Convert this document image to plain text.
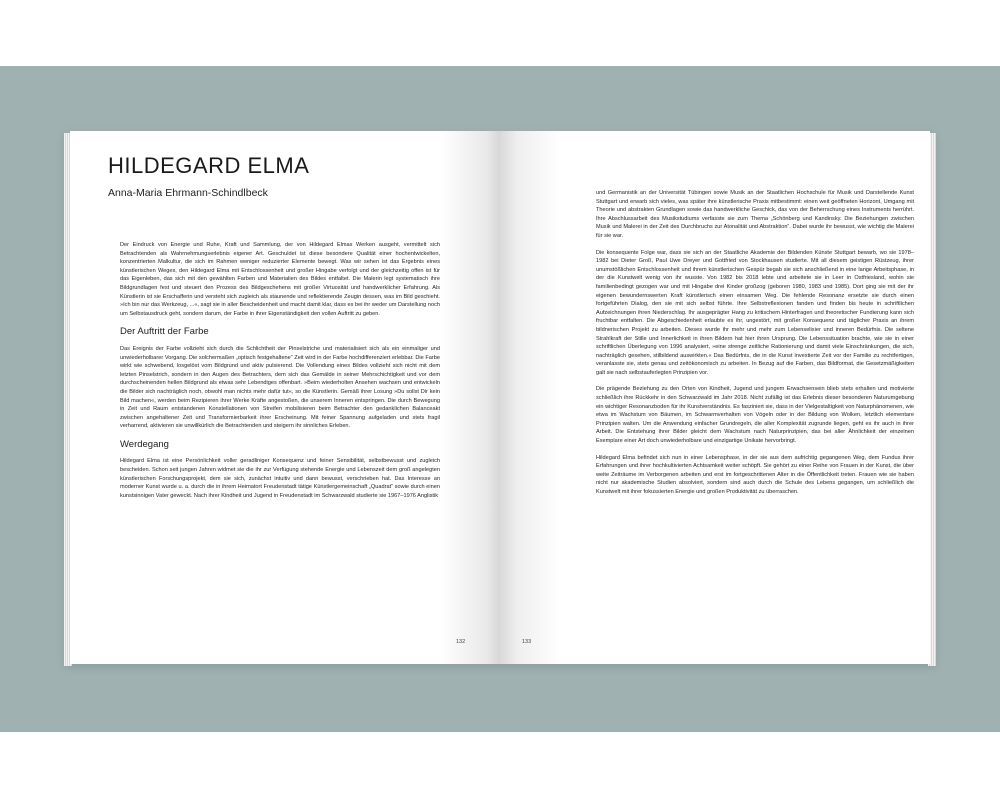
HILDEGARD ELMA
Anna-Maria Ehrmann-Schindlbeck

Der Eindruck von Energie und Ruhe, Kraft und Sammlung, der von Hildegard Elmas Werken ausgeht, vermittelt sich Betrachtenden als Wahrnehmungserlebnis eigener Art. Geschuldet ist diese besondere Qualität einer hochentwickelten, konzentrierten Malkultur, die sich im Rahmen weniger reduzierter Elemente bewegt. Was wir sehen ist das Ergebnis eines künstlerischen Weges, den Hildegard Elma mit Entschlossenheit und großer Hingabe verfolgt und der gleichzeitig offen ist für das Eigenleben, das sich mit den gewählten Farben und Materialien des Bildes entfaltet. Die Malerin legt systematisch ihre Bildgrundlagen fest und steuert den Prozess des Bildgeschehens mit großer Virtuosität und handwerklicher Erfahrung. Als Künstlerin ist sie Erschafferin und versteht sich zugleich als staunende und reflektierende Zeugin dessen, was im Bild geschieht. »Ich bin nur das Werkzeug, ...«, sagt sie in aller Bescheidenheit und macht damit klar, dass es bei ihr weder um Darstellung noch um Selbstausdruck geht, sondern darum, der Farbe in ihrer Eigenständigkeit den vollen Auftritt zu geben.

Der Auftritt der Farbe

Das Ereignis der Farbe vollzieht sich durch die Schlichtheit der Pinselstriche und materialisiert sich als ein einmaliger und unwiederholbarer Vorgang. Die solchermaßen „optisch festgehaltene“ Zeit wird in der Farbe hochdifferenziert erlebbar. Die Farbe wirkt wie schwebend, losgelöst vom Bildgrund und aktiv pulsierend. Die Vollendung eines Bildes vollzieht sich nicht mit dem letzten Pinselstrich, sondern in den Augen des Betrachters, dem sich das Gemälde in seiner Mehrschichtigkeit und vor dem durchscheinenden hellen Bildgrund als etwas sehr Lebendiges offenbart. »Beim wiederholten Ansehen wachsen und entwickeln die Bilder sich nachträglich noch, obwohl man nichts mehr dafür tut«, so die Künstlerin. Gemäß ihrer Losung »Du sollst Dir kein Bild machen«, werden beim Rezipieren ihrer Werke Kräfte angestoßen, die unserem Inneren entspringen. Die durch Bewegung in Zeit und Raum entstandenen Konstellationen von Streifen mobilisieren beim Betrachter den gedanklichen Balanceakt zwischen angehaltener Zeit und Transformierbarkeit ihrer Erscheinung. Mit feiner Spannung aufgeladen und stets fragil verharrend, aktivieren sie unwillkürlich die Betrachtenden und steigern ihr sinnliches Erleben.

Werdegang

Hildegard Elma ist eine Persönlichkeit voller geradliniger Konsequenz und feiner Sensibilität, selbstbewusst und zugleich bescheiden. Schon seit jungen Jahren widmet sie die ihr zur Verfügung stehende Energie und Lebenszeit dem groß angelegten künstlerischen Forschungsprojekt, dem sie sich, zunächst intuitiv und dann bewusst, verschrieben hat. Das Interesse an moderner Kunst wurde u. a. durch die in ihrem Heimatort Freudenstadt tätige Künstlergemeinschaft „Quadrat“ sowie durch einen kunstsinnigen Vater geweckt. Nach ihrer Kindheit und Jugend in Freudenstadt im Schwarzwald studierte sie 1967–1976 Anglistik

132

und Germanistik an der Universität Tübingen sowie Musik an der Staatlichen Hochschule für Musik und Darstellende Kunst Stuttgart und erwarb sich vieles, was später ihre künstlerische Praxis mitbestimmt: einen weit geöffneten Horizont, Umgang mit Theorie und abstrakten Grundlagen sowie das handwerkliche Geschick, das von der Beherrschung eines Instruments herrührt. Ihre Abschlussarbeit des Musikstudiums verfasste sie zum Thema „Schönberg und Kandinsky. Die Beziehungen zwischen Musik und Malerei in der Zeit des Durchbruchs zur Atonalität und Abstraktion“. Dabei wurde ihr bewusst, wie wichtig die Malerei für sie war.

Die konsequente Folge war, dass sie sich an der Staatliche Akademie der Bildenden Künste Stuttgart bewarb, wo sie 1978–1982 bei Dieter Groß, Paul Uwe Dreyer und Gottfried von Stockhausen studierte. Mit all diesem geistigen Rüstzeug, ihrer unumstößlichen Entschlossenheit und ihrem künstlerischen Gespür begab sie sich anschließend in eine lange Arbeitsphase, in der die Kunstwelt wenig von ihr wusste. Von 1982 bis 2018 lebte und arbeitete sie in Leer in Ostfriesland, wohin sie familienbedingt gezogen war und mit Hingabe drei Kinder großzog (geboren 1980, 1983 und 1985). Dort ging sie mit der ihr eigenen bewundernswerten Kraft künstlerisch einen einsamen Weg. Die fehlende Resonanz ersetzte sie durch einen fortgeführten Dialog, den sie mit sich selbst führte. Ihre Selbstreflexionen fanden und finden bis heute in schriftlichen Aufzeichnungen ihren Niederschlag. Ihr ausgeprägter Hang zu kritischem Hinterfragen und theoretischer Fundierung kann sich fruchtbar entfalten. Die Abgeschiedenheit erlaubte es ihr, ungestört, mit großer Konsequenz und täglicher Praxis an ihrem bildnerischen Projekt zu arbeiten. Dieses wurde ihr mehr und mehr zum Lebenselixier und inneren Bedürfnis. Die seltene Strahlkraft der Stille und Innerlichkeit in ihren Bildern hat hier ihren Ursprung. Die Lebenssituation brachte, wie sie in einer schriftlichen Überlegung von 1996 analysiert, »eine strenge zeitliche Rationierung und damit viele Einschränkungen, die sich, nachträglich gesehen, stilbildend auswirkten.« Das Bedürfnis, die in die Kunst investierte Zeit vor der Familie zu rechtfertigen, veranlasste sie, stets genau und zeitökonomisch zu arbeiten. In Bezug auf die Farben, das Bildformat, die Gesetzmäßigkeiten galt sie nach selbstauferlegten Prinzipien vor.

Die prägende Beziehung zu den Orten von Kindheit, Jugend und jungem Erwachsensein blieb stets erhalten und motivierte schließlich ihre Rückkehr in den Schwarzwald im Jahr 2018. Nicht zufällig ist das Erlebnis dieser besonderen Naturumgebung ein wichtiger Resonanzboden für ihr Kunstverständnis. Es fasziniert sie, dass in der Vielgestaltigkeit von Naturphänomenen, wie etwa im Wachstum von Bäumen, im Schwarmverhalten von Vögeln oder in der Bildung von Wolken, letztlich elementare Prinzipien walten. Um die Anwendung einfacher Grundregeln, die aller Komplexität zugrunde liegen, geht es ihr auch in ihrer Arbeit. Die Entstehung ihrer Bilder gleicht dem Wachstum nach Naturprinzipien, das bei aller Ähnlichkeit der einzelnen Exemplare einer Art doch unwiederholbare und einzigartige Unikate hervorbringt.

Hildegard Elma befindet sich nun in einer Lebensphase, in der sie aus dem aufrichtig gegangenen Weg, dem Fundus ihrer Erfahrungen und ihrer hochkultivierten Achtsamkeit weiter schöpft. Sie gehört zu einer Reihe von Frauen in der Kunst, die über weite Zeiträume im Verborgenen arbeiten und erst im fortgeschrittenen Alter in die Öffentlichkeit treten. Frauen wie sie haben nicht nur akademische Studien absolviert, sondern sind auch durch die Schule des Lebens gegangen, um schließlich die Kunstwelt mit ihrer fokussierten Energie und großen Produktivität zu überraschen.

133
